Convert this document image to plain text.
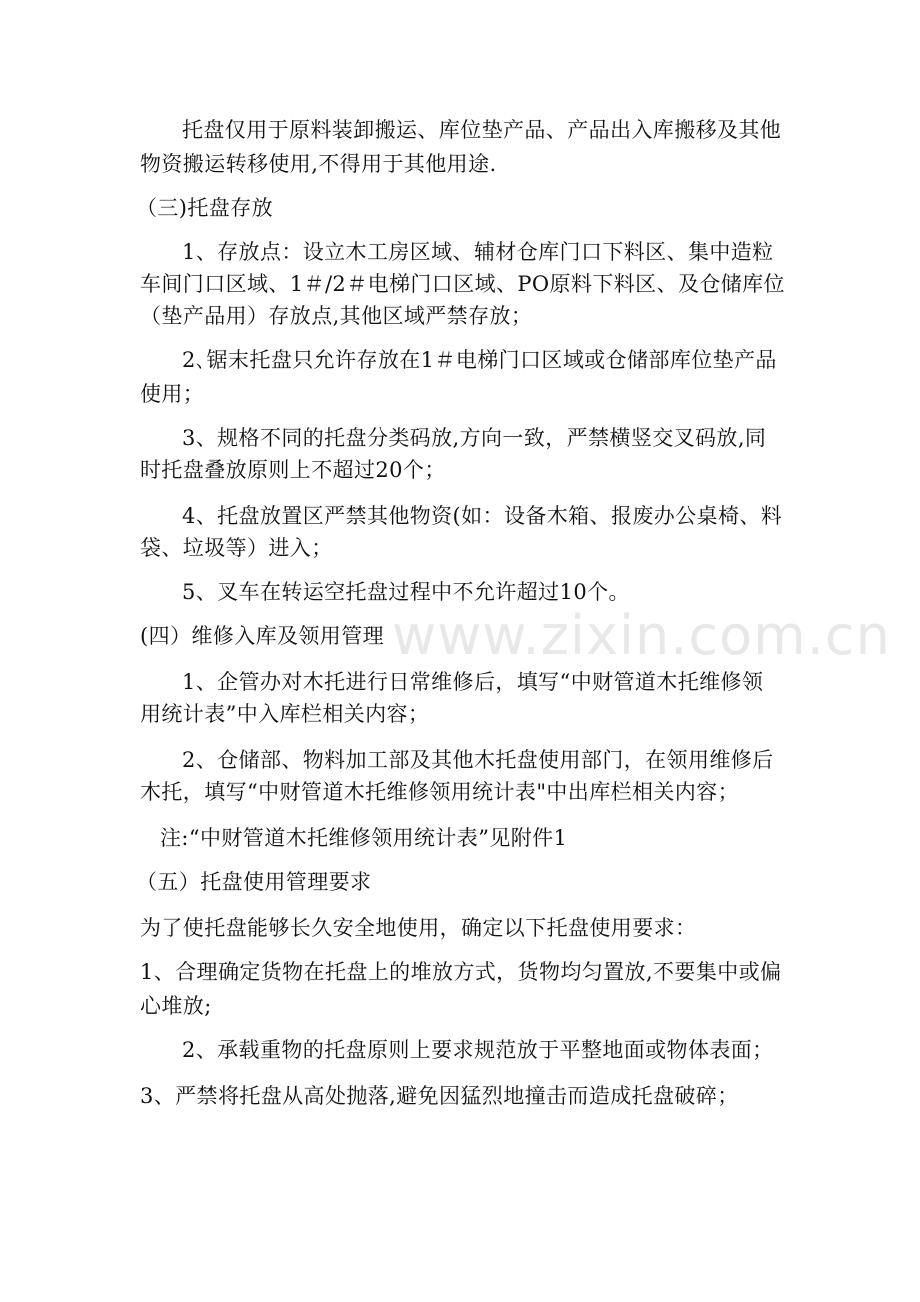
托盘仅用于原料装卸搬运、库位垫产品、产品出入库搬移及其他
物资搬运转移使用,不得用于其他用途.
（三)托盘存放
1、存放点：设立木工房区域、辅材仓库门口下料区、集中造粒
车间门口区域、1＃/2＃电梯门口区域、PO原料下料区、及仓储库位
（垫产品用）存放点,其他区域严禁存放；
2､锯末托盘只允许存放在1＃电梯门口区域或仓储部库位垫产品
使用；
3、规格不同的托盘分类码放,方向一致，严禁横竖交叉码放,同
时托盘叠放原则上不超过20个；
4、托盘放置区严禁其他物资(如：设备木箱、报废办公桌椅、料
袋、垃圾等）进入；
5、叉车在转运空托盘过程中不允许超过10个。
(四）维修入库及领用管理
1、企管办对木托进行日常维修后，填写“中财管道木托维修领
用统计表”中入库栏相关内容；
2、仓储部、物料加工部及其他木托盘使用部门，在领用维修后
木托，填写“中财管道木托维修领用统计表"中出库栏相关内容；
注:“中财管道木托维修领用统计表”见附件1
（五）托盘使用管理要求
为了使托盘能够长久安全地使用，确定以下托盘使用要求：
1、合理确定货物在托盘上的堆放方式，货物均匀置放,不要集中或偏
心堆放;
2、承载重物的托盘原则上要求规范放于平整地面或物体表面；
3、严禁将托盘从高处抛落,避免因猛烈地撞击而造成托盘破碎；
www.zixin.com.cn
